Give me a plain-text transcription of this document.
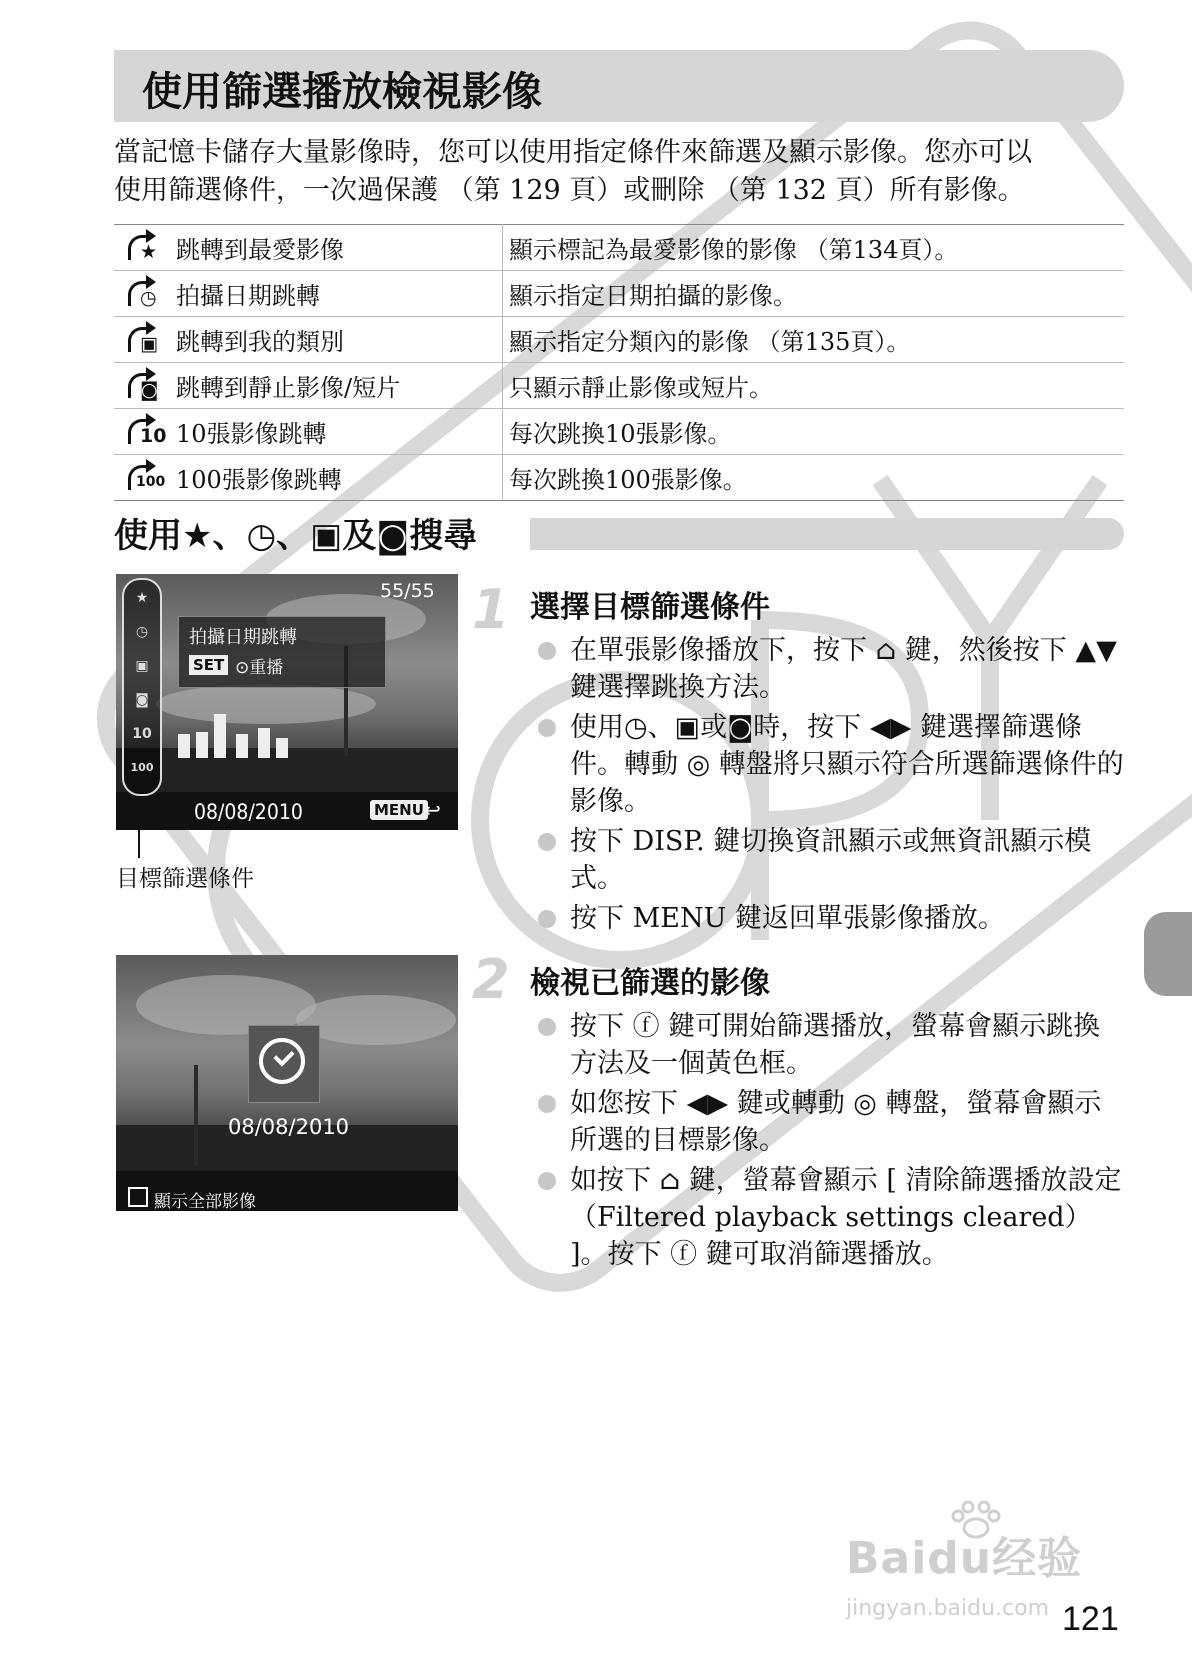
使用篩選播放檢視影像

當記憶卡儲存大量影像時，您可以使用指定條件來篩選及顯示影像。您亦可以

使用篩選條件，一次過保護 （第 129 頁）或刪除 （第 132 頁）所有影像。

★	跳轉到最愛影像	顯示標記為最愛影像的影像 （第134頁）。

◷	拍攝日期跳轉	顯示指定日期拍攝的影像。

▣	跳轉到我的類別	顯示指定分類內的影像 （第135頁）。

◙	跳轉到靜止影像/短片	只顯示靜止影像或短片。

10	10張影像跳轉	每次跳換10張影像。

100	100張影像跳轉	每次跳換100張影像。
使用★、◷、▣及◙搜尋
★
◷
▣
◙
10
100
55/55
拍攝日期跳轉
SET ⊙重播
08/08/2010	MENU ↩
目標篩選條件
08/08/2010
顯示全部影像
1 選擇目標篩選條件
在單張影像播放下，按下 ⌂ 鍵，然後按下 ▲▼ 鍵選擇跳換方法。
使用◷、▣或◙時，按下 ◀▶ 鍵選擇篩選條件。轉動 ◎ 轉盤將只顯示符合所選篩選條件的影像。
按下 DISP. 鍵切換資訊顯示或無資訊顯示模式。
按下 MENU 鍵返回單張影像播放。
2 檢視已篩選的影像
按下 ⓕ 鍵可開始篩選播放，螢幕會顯示跳換方法及一個黃色框。
如您按下 ◀▶ 鍵或轉動 ◎ 轉盤，螢幕會顯示所選的目標影像。
如按下 ⌂ 鍵，螢幕會顯示 [ 清除篩選播放設定 （Filtered playback settings cleared） ]。按下 ⓕ 鍵可取消篩選播放。
Baidu经验
jingyan.baidu.com 121
